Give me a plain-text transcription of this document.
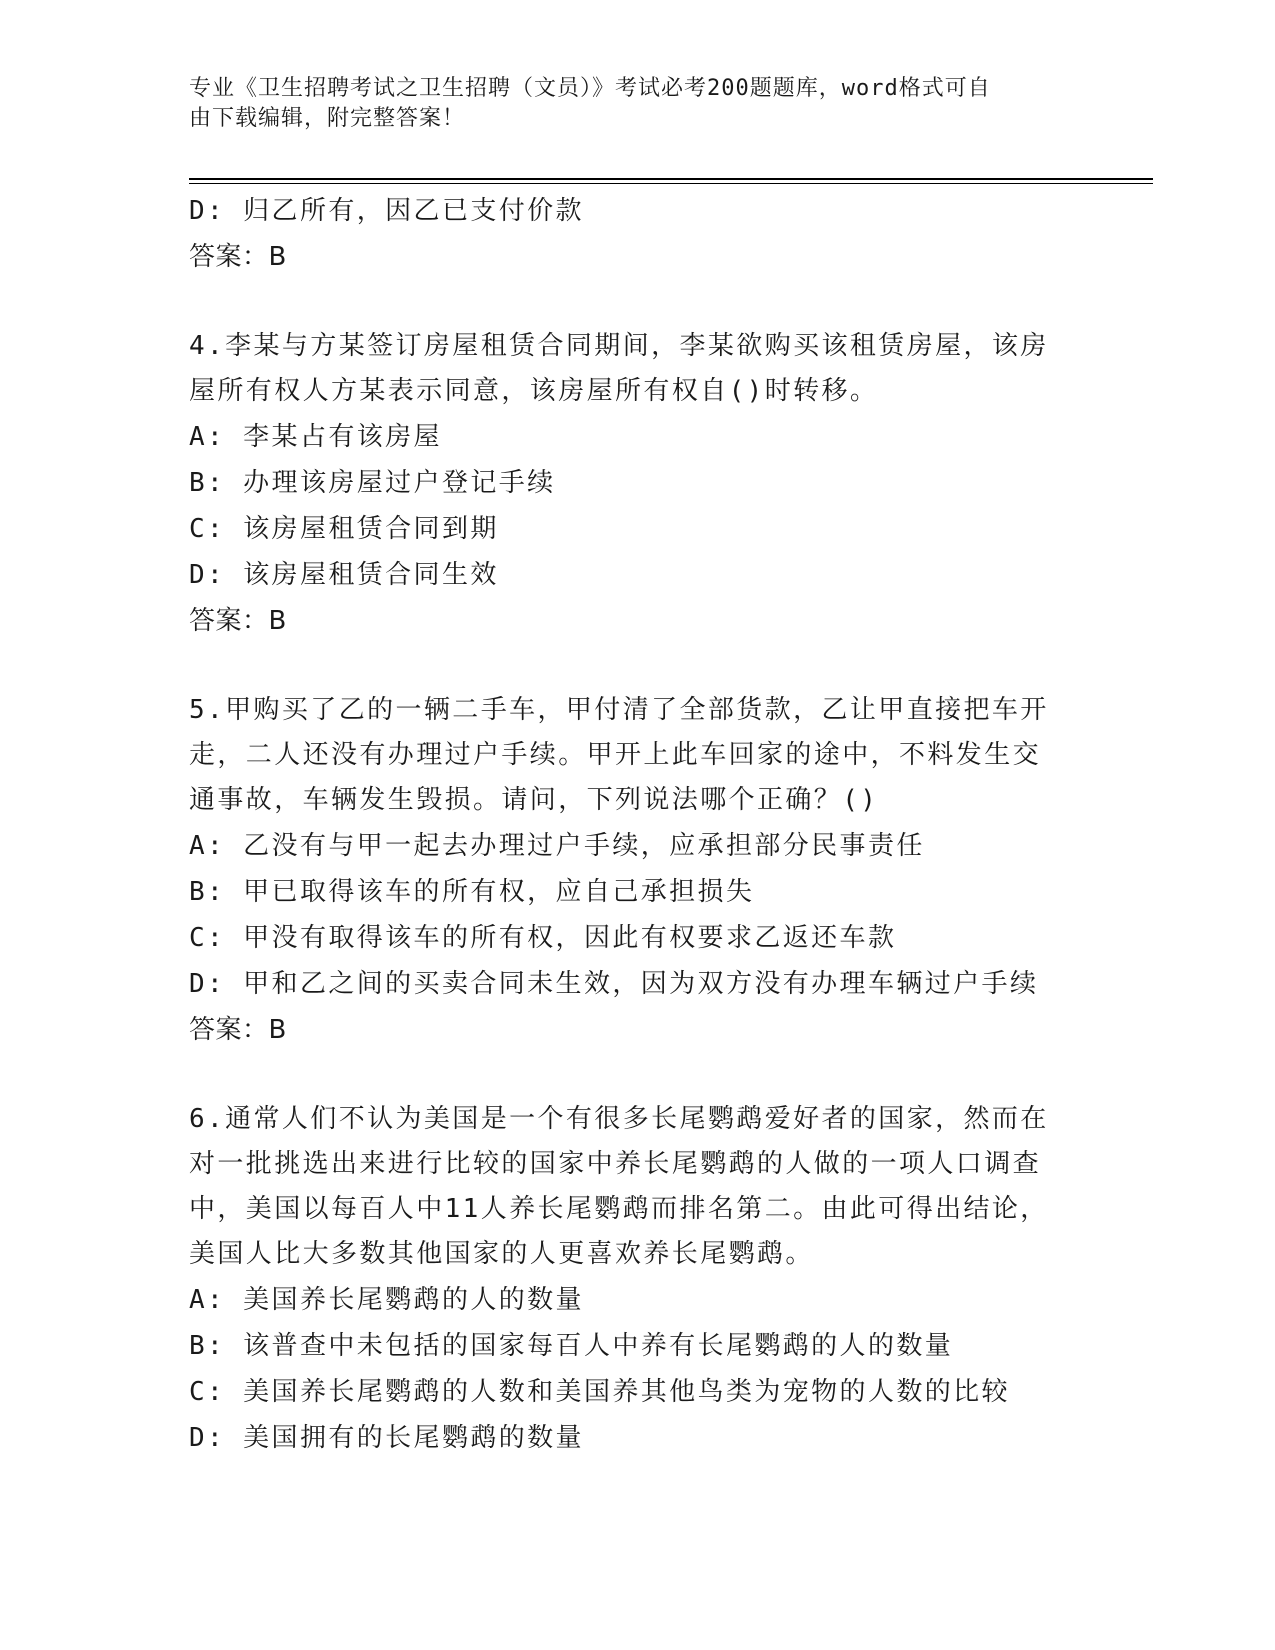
专业《卫生招聘考试之卫生招聘（文员）》考试必考200题题库，word格式可自
由下载编辑，附完整答案！
D: 归乙所有，因乙已支付价款
答案：B
4.李某与方某签订房屋租赁合同期间，李某欲购买该租赁房屋，该房
屋所有权人方某表示同意，该房屋所有权自()时转移。
A: 李某占有该房屋
B: 办理该房屋过户登记手续
C: 该房屋租赁合同到期
D: 该房屋租赁合同生效
答案：B
5.甲购买了乙的一辆二手车，甲付清了全部货款，乙让甲直接把车开
走，二人还没有办理过户手续。甲开上此车回家的途中，不料发生交
通事故，车辆发生毁损。请问，下列说法哪个正确？()
A: 乙没有与甲一起去办理过户手续，应承担部分民事责任
B: 甲已取得该车的所有权，应自己承担损失
C: 甲没有取得该车的所有权，因此有权要求乙返还车款
D: 甲和乙之间的买卖合同未生效，因为双方没有办理车辆过户手续
答案：B
6.通常人们不认为美国是一个有很多长尾鹦鹉爱好者的国家，然而在
对一批挑选出来进行比较的国家中养长尾鹦鹉的人做的一项人口调查
中，美国以每百人中11人养长尾鹦鹉而排名第二。由此可得出结论，
美国人比大多数其他国家的人更喜欢养长尾鹦鹉。
A: 美国养长尾鹦鹉的人的数量
B: 该普查中未包括的国家每百人中养有长尾鹦鹉的人的数量
C: 美国养长尾鹦鹉的人数和美国养其他鸟类为宠物的人数的比较
D: 美国拥有的长尾鹦鹉的数量
